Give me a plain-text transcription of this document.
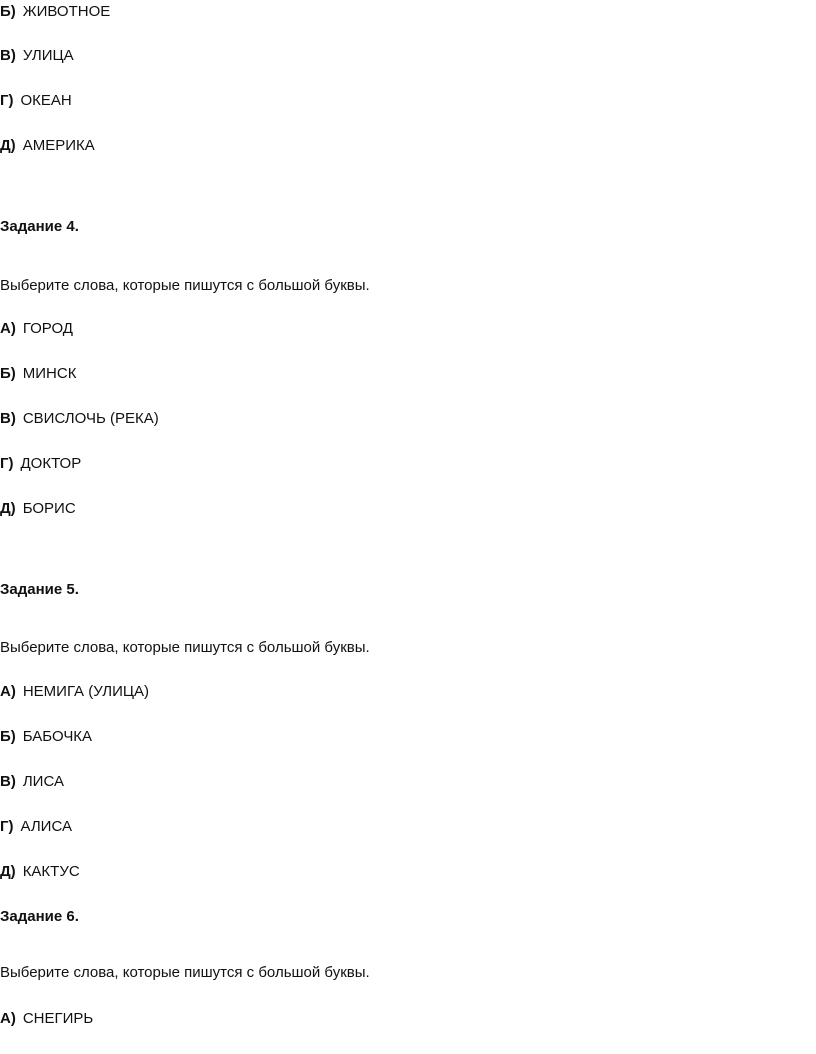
Б) ЖИВОТНОЕ
В) УЛИЦА
Г) ОКЕАН
Д) АМЕРИКА
Задание 4.
Выберите слова, которые пишутся с большой буквы.
А) ГОРОД
Б) МИНСК
В) СВИСЛОЧЬ (РЕКА)
Г) ДОКТОР
Д) БОРИС
Задание 5.
Выберите слова, которые пишутся с большой буквы.
А) НЕМИГА (УЛИЦА)
Б) БАБОЧКА
В) ЛИСА
Г) АЛИСА
Д) КАКТУС
Задание 6.
Выберите слова, которые пишутся с большой буквы.
А) СНЕГИРЬ
